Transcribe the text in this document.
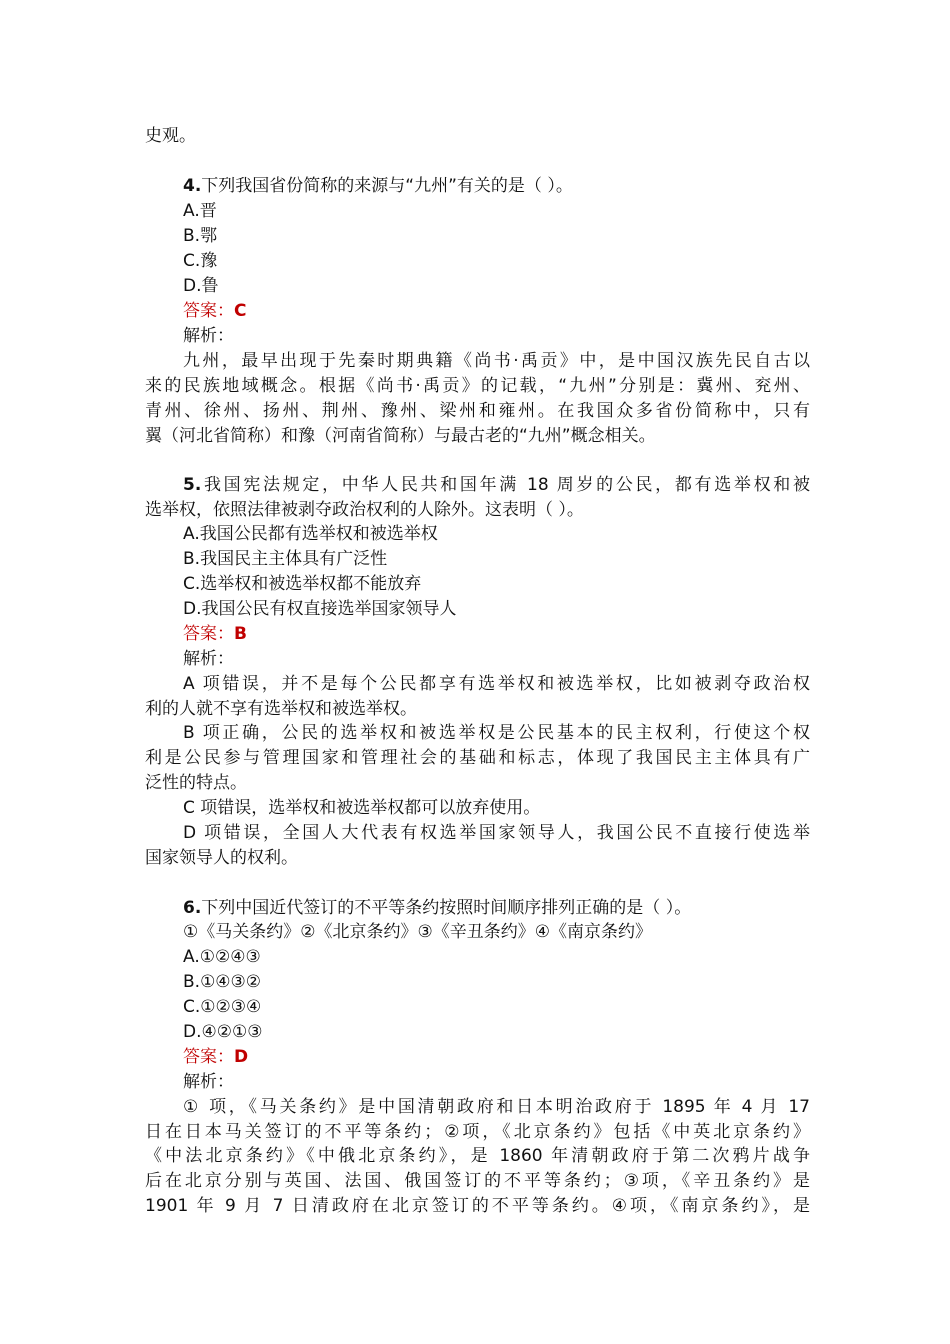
史观。
4.下列我国省份简称的来源与“九州”有关的是（ ）。
A.晋
B.鄂
C.豫
D.鲁
答案：C
解析：
九州，最早出现于先秦时期典籍《尚书·禹贡》中，是中国汉族先民自古以
来的民族地域概念。根据《尚书·禹贡》的记载，“九州”分别是：冀州、兖州、
青州、徐州、扬州、荆州、豫州、梁州和雍州。在我国众多省份简称中，只有
翼（河北省简称）和豫（河南省简称）与最古老的“九州”概念相关。
5.我国宪法规定，中华人民共和国年满 18 周岁的公民，都有选举权和被
选举权，依照法律被剥夺政治权利的人除外。这表明（ ）。
A.我国公民都有选举权和被选举权
B.我国民主主体具有广泛性
C.选举权和被选举权都不能放弃
D.我国公民有权直接选举国家领导人
答案：B
解析：
A 项错误，并不是每个公民都享有选举权和被选举权，比如被剥夺政治权
利的人就不享有选举权和被选举权。
B 项正确，公民的选举权和被选举权是公民基本的民主权利，行使这个权
利是公民参与管理国家和管理社会的基础和标志，体现了我国民主主体具有广
泛性的特点。
C 项错误，选举权和被选举权都可以放弃使用。
D 项错误，全国人大代表有权选举国家领导人，我国公民不直接行使选举
国家领导人的权利。
6.下列中国近代签订的不平等条约按照时间顺序排列正确的是（ ）。
①《马关条约》②《北京条约》③《辛丑条约》④《南京条约》
A.①②④③
B.①④③②
C.①②③④
D.④②①③
答案：D
解析：
① 项，《马关条约》是中国清朝政府和日本明治政府于 1895 年 4 月 17
日在日本马关签订的不平等条约；②项，《北京条约》包括《中英北京条约》
《中法北京条约》《中俄北京条约》，是 1860 年清朝政府于第二次鸦片战争
后在北京分别与英国、法国、俄国签订的不平等条约；③项，《辛丑条约》是
1901 年 9 月 7 日清政府在北京签订的不平等条约。④项，《南京条约》，是
